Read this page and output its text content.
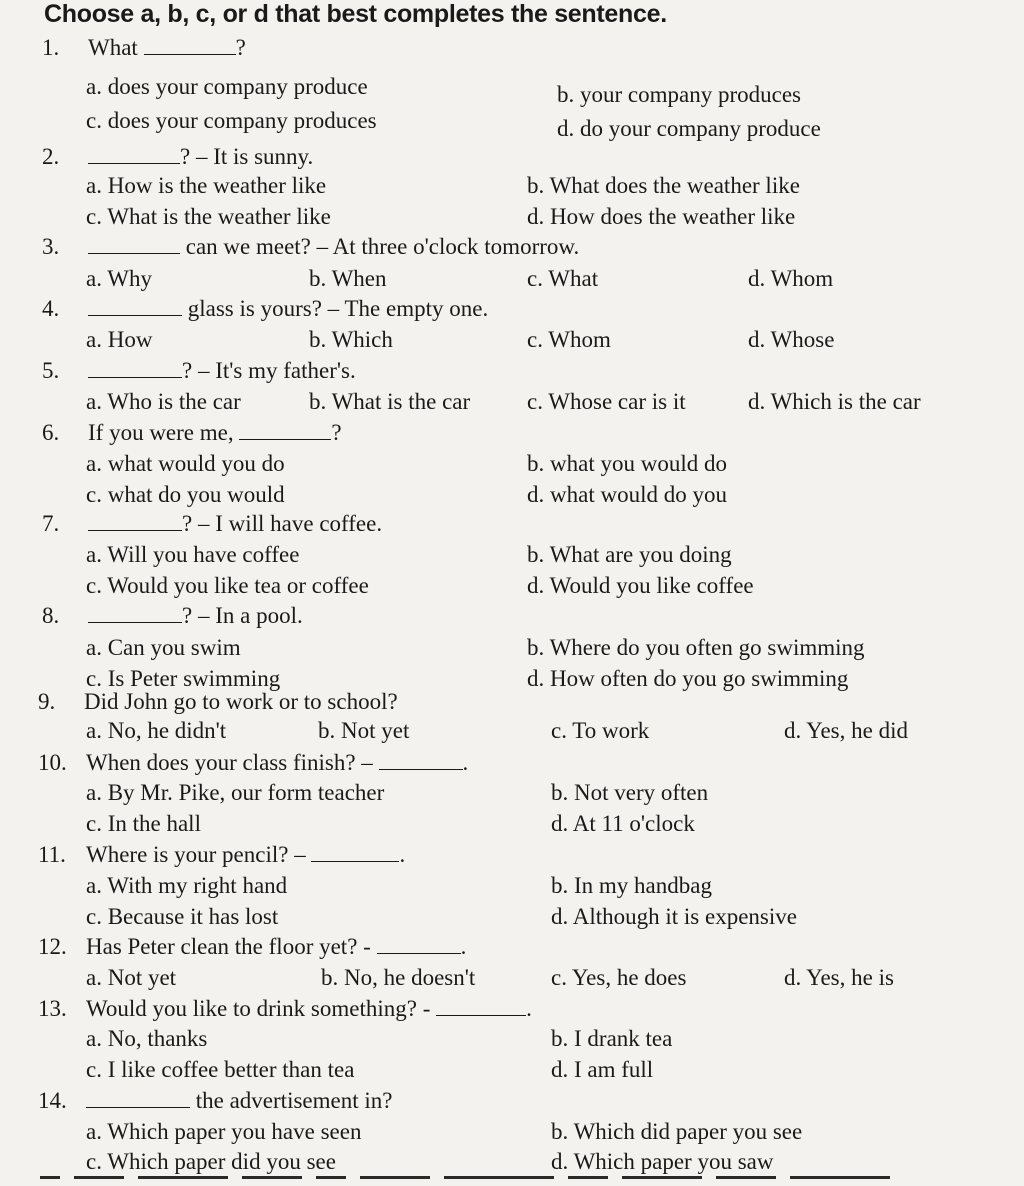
Choose a, b, c, or d that best completes the sentence.
1. What	?
a. does your company produce	b. your company produces
c. does your company produces	d. do your company produce
2.	? – It is sunny.
a. How is the weather like	b. What does the weather like
c. What is the weather like	d. How does the weather like
3.	can we meet? – At three o'clock tomorrow.
a. Why	b. When	c. What	d. Whom
4.	glass is yours? – The empty one.
a. How	b. Which	c. Whom	d. Whose
5.	? – It's my father's.
a. Who is the car	b. What is the car c. Whose car is it	d. Which is the car
6. If you were me,	?
a. what would you do	b. what you would do
c. what do you would	d. what would do you
7.	? – I will have coffee.
a. Will you have coffee	b. What are you doing
c. Would you like tea or coffee	d. Would you like coffee
8.	? – In a pool.
a. Can you swim	b. Where do you often go swimming
c. Is Peter swimming	d. How often do you go swimming
9. Did John go to work or to school?
a. No, he didn't	b. Not yet	c. To work	d. Yes, he did
10. When does your class finish? –	.
a. By Mr. Pike, our form teacher	b. Not very often
c. In the hall	d. At 11 o'clock
11. Where is your pencil? –	.
a. With my right hand	b. In my handbag
c. Because it has lost	d. Although it is expensive
12. Has Peter clean the floor yet? -	.
a. Not yet	b. No, he doesn't	c. Yes, he does	d. Yes, he is
13. Would you like to drink something? -	.
a. No, thanks	b. I drank tea
c. I like coffee better than tea	d. I am full
14.	the advertisement in?
a. Which paper you have seen	b. Which did paper you see
c. Which paper did you see	d. Which paper you saw
